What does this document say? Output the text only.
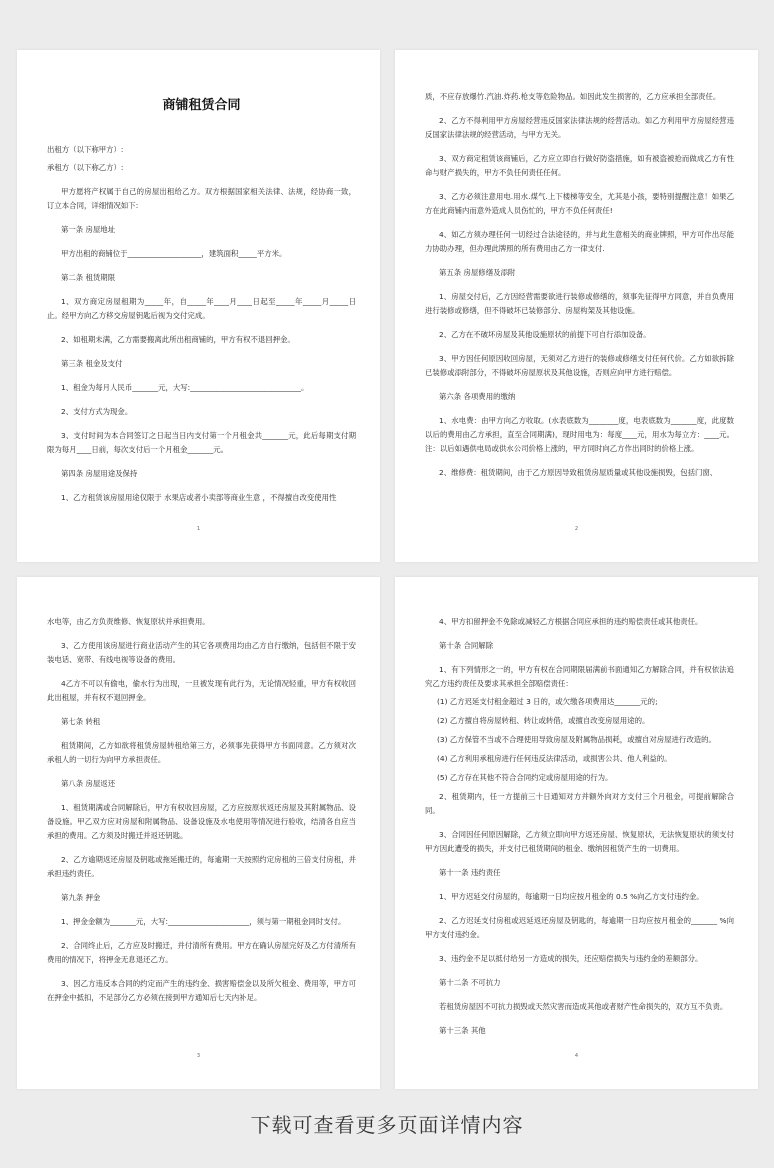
商铺租赁合同
出租方（以下称甲方）:
承租方（以下称乙方）:
甲方愿将产权属于自己的房屋出租给乙方。双方根据国家相关法律、法规，经协商一致，订立本合同，详细情况如下:
第一条 房屋地址
甲方出租的商铺位于____________________，建筑面积_____平方米。
第二条 租赁期限
1、双方商定房屋租期为_____年，自_____年____月____日起至_____年_____月_____日止。经甲方向乙方移交房屋钥匙后视为交付完成。
2、如租期未满，乙方需要搬离此所出租商铺的，甲方有权不退回押金。
第三条 租金及支付
1、租金为每月人民币_______元，大写:______________________________。
2、支付方式为现金。
3、支付时间为本合同签订之日起当日内支付第一个月租金共_______元，此后每期支付期限为每月____日前，每次支付后一个月租金_______元。
第四条 房屋用途及保持
1、乙方租赁该房屋用途仅限于 水果店或者小卖部等商业生意 ，不得擅自改变使用性
1
质，不应存放爆竹.汽油.炸药.枪支等危险物品。如因此发生损害的，乙方应承担全部责任。
2、乙方不得利用甲方房屋经营违反国家法律法规的经营活动。如乙方利用甲方房屋经营违反国家法律法规的经营活动，与甲方无关。
3、双方商定租赁该商铺后，乙方应立即自行做好防盗措施，如有被盗被抢而做成乙方有性命与财产损失的，甲方不负任何责任任何。
3、乙方必须注意用电.用水.煤气.上下楼梯等安全，尤其是小孩，要特别提醒注意！如果乙方在此商铺内而意外造成人员伤忙的，甲方不负任何责任!
4、如乙方须办理任何一切经过合法途径的，并与此生意相关的商业牌照，甲方可作出尽能力协助办理，但办理此牌照的所有费用由乙方一律支付.
第五条 房屋修缮及添附
1、房屋交付后，乙方因经营需要欲进行装修或修缮的，须事先征得甲方同意，并自负费用进行装修或修缮，但不得破坏已装修部分、房屋构架及其他设施。
2、乙方在不破坏房屋及其他设施原状的前提下可自行添加设备。
3、甲方因任何原因收回房屋，无须对乙方进行的装修或修缮支付任何代价。乙方如欲拆除已装修或添附部分，不得破坏房屋原状及其他设施，否则应向甲方进行赔偿。
第六条 各项费用的缴纳
1、水电费：由甲方向乙方收取。(水表底数为________度，电表底数为_______度，此度数以后的费用由乙方承担，直至合同期满)，现时用电为：每度____元，用水为每立方：____元。注：以后如遇供电局或供水公司价格上涨的，甲方同时向乙方作出同时的价格上涨。
2、维修费：租赁期间，由于乙方原因导致租赁房屋质量或其他设施损毁，包括门窗、
2
水电等，由乙方负责维修、恢复原状并承担费用。
3、乙方使用该房屋进行商业活动产生的其它各项费用均由乙方自行缴纳，包括但不限于安装电话、宽带、有线电视等设备的费用。
4乙方不可以有偷电，偷水行为出现，一旦被发现有此行为，无论情况轻重，甲方有权收回此出租屋，并有权不退回押金。
第七条 转租
租赁期间，乙方如欲将租赁房屋转租给第三方，必须事先获得甲方书面同意。乙方须对次承租人的一切行为向甲方承担责任。
第八条 房屋返还
1、租赁期满或合同解除后，甲方有权收回房屋，乙方应按原状返还房屋及其附属物品、设备设施。甲乙双方应对房屋和附属物品、设备设施及水电使用等情况进行验收，结清各自应当承担的费用。乙方须及时搬迁并返还钥匙。
2、乙方逾期返还房屋及钥匙或拖延搬迁的，每逾期一天按照约定房租的三倍支付房租，并承担违约责任。
第九条 押金
1、押金金额为_______元，大写:______________________，须与第一期租金同时支付。
2、合同终止后，乙方应及时搬迁，并付清所有费用。甲方在确认房屋完好及乙方付清所有费用的情况下，将押金无息退还乙方。
3、因乙方违反本合同的约定而产生的违约金、损害赔偿金以及所欠租金、费用等，甲方可在押金中抵扣，不足部分乙方必须在接到甲方通知后七天内补足。
3
4、甲方扣留押金不免除或减轻乙方根据合同应承担的违约赔偿责任或其他责任。
第十条 合同解除
1、有下列情形之一的，甲方有权在合同期限届满前书面通知乙方解除合同，并有权依法追究乙方违约责任及要求其承担全部赔偿责任：
(1) 乙方迟延支付租金超过 3 日的，或欠缴各项费用达_______元的;
(2) 乙方擅自将房屋转租、转让或转借，或擅自改变房屋用途的。
(3) 乙方保管不当或不合理使用导致房屋及附属物品损耗，或擅自对房屋进行改造的。
(4) 乙方利用承租房进行任何违反法律活动，或损害公共、他人利益的。
(5) 乙方存在其他不符合合同约定或房屋用途的行为。
2、租赁期内，任一方提前三十日通知对方并额外向对方支付三个月租金，可提前解除合同。
3、合同因任何原因解除，乙方须立即向甲方返还房屋、恢复原状，无法恢复原状的须支付甲方因此遭受的损失，并支付已租赁期间的租金、缴纳因租赁产生的一切费用。
第十一条 违约责任
1、甲方迟延交付房屋的，每逾期一日均应按月租金的 0.5 %向乙方支付违约金。
2、乙方迟延支付房租或迟延返还房屋及钥匙的，每逾期一日均应按月租金的_______ %向甲方支付违约金。
3、违约金不足以抵付给另一方造成的损失，还应赔偿损失与违约金的差额部分。
第十二条 不可抗力
若租赁房屋因不可抗力损毁或天然灾害而造成其他或者财产性命损失的，双方互不负责。
第十三条 其他
4
下载可查看更多页面详情内容
